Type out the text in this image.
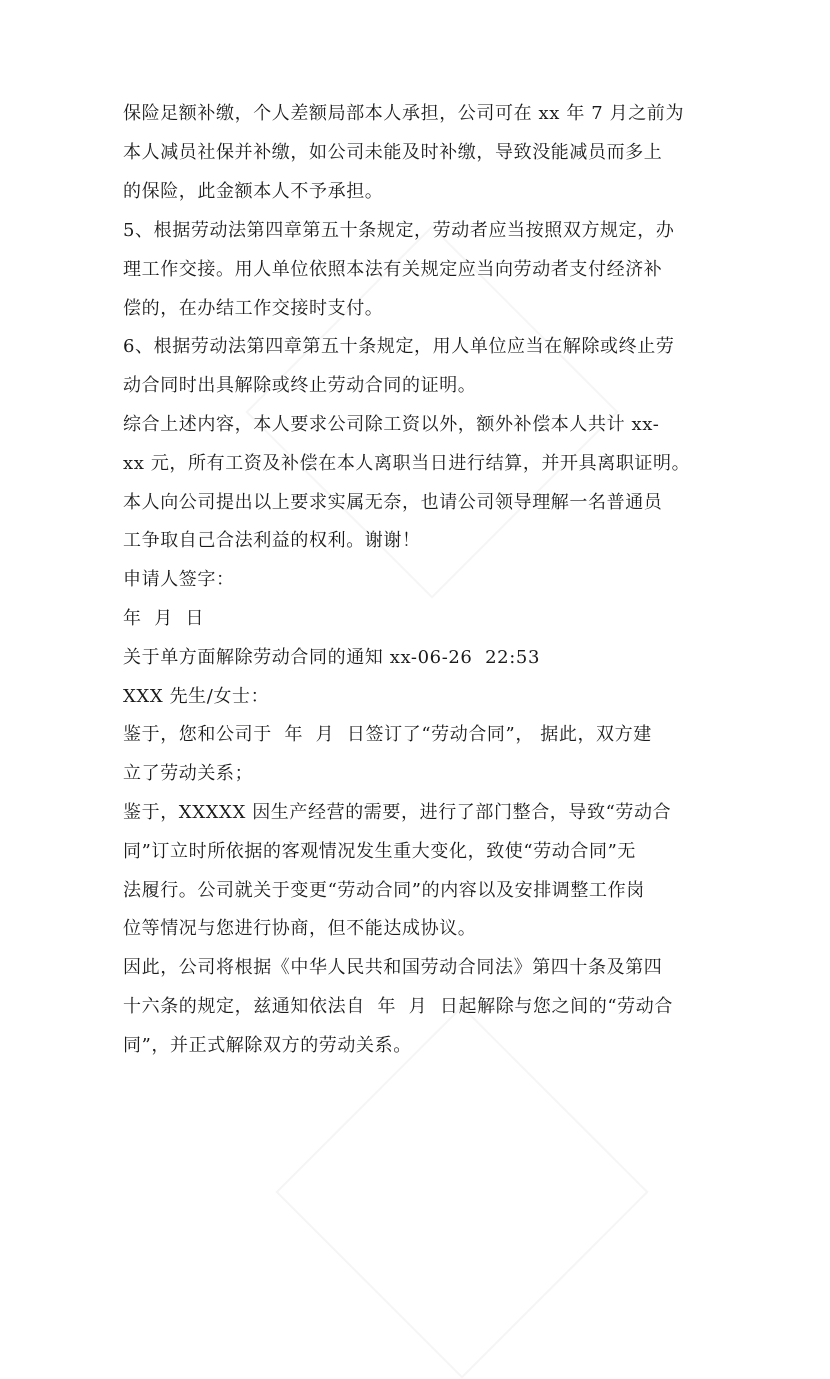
保险足额补缴，个人差额局部本人承担，公司可在 xx 年 7 月之前为
本人减员社保并补缴，如公司未能及时补缴，导致没能减员而多上
的保险，此金额本人不予承担。
5、根据劳动法第四章第五十条规定，劳动者应当按照双方规定，办
理工作交接。用人单位依照本法有关规定应当向劳动者支付经济补
偿的，在办结工作交接时支付。
6、根据劳动法第四章第五十条规定，用人单位应当在解除或终止劳
动合同时出具解除或终止劳动合同的证明。
综合上述内容，本人要求公司除工资以外，额外补偿本人共计 xx-
xx 元，所有工资及补偿在本人离职当日进行结算，并开具离职证明。
本人向公司提出以上要求实属无奈，也请公司领导理解一名普通员
工争取自己合法利益的权利。谢谢！
申请人签字：
年  月  日
关于单方面解除劳动合同的通知 xx-06-26  22:53
XXX 先生/女士：
鉴于，您和公司于  年  月  日签订了“劳动合同”， 据此，双方建
立了劳动关系；
鉴于，XXXXX 因生产经营的需要，进行了部门整合，导致“劳动合
同”订立时所依据的客观情况发生重大变化，致使“劳动合同”无
法履行。公司就关于变更“劳动合同”的内容以及安排调整工作岗
位等情况与您进行协商，但不能达成协议。
因此，公司将根据《中华人民共和国劳动合同法》第四十条及第四
十六条的规定，兹通知依法自  年  月  日起解除与您之间的“劳动合
同”，并正式解除双方的劳动关系。
